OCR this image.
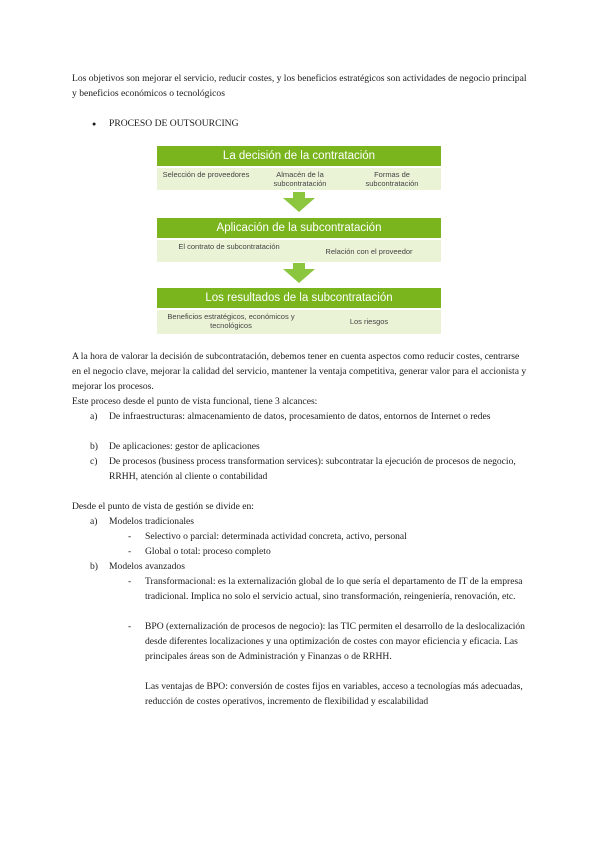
Los objetivos son mejorar el servicio, reducir costes, y los beneficios estratégicos son actividades de negocio principal y beneficios económicos o tecnológicos
● PROCESO DE OUTSOURCING
La decisión de la contratación
Selección de proveedores	Almacén de la subcontratación
Formas de subcontratación
Aplicación de la subcontratación
El contrato de subcontratación
Relación con el proveedor
Los resultados de la subcontratación
Beneficios estratégicos, económicos y tecnológicos	Los riesgos
A la hora de valorar la decisión de subcontratación, debemos tener en cuenta aspectos como reducir costes, centrarse en el negocio clave, mejorar la calidad del servicio, mantener la ventaja competitiva, generar valor para el accionista y mejorar los procesos.
Este proceso desde el punto de vista funcional, tiene 3 alcances:
a) De infraestructuras: almacenamiento de datos, procesamiento de datos, entornos de Internet o redes
b) De aplicaciones: gestor de aplicaciones
c) De procesos (business process transformation services): subcontratar la ejecución de procesos de negocio, RRHH, atención al cliente o contabilidad
Desde el punto de vista de gestión se divide en:
a) Modelos tradicionales
- Selectivo o parcial: determinada actividad concreta, activo, personal
- Global o total: proceso completo
b) Modelos avanzados
- Transformacional: es la externalización global de lo que sería el departamento de IT de la empresa tradicional. Implica no solo el servicio actual, sino transformación, reingeniería, renovación, etc.
- BPO (externalización de procesos de negocio): las TIC permiten el desarrollo de la deslocalización desde diferentes localizaciones y una optimización de costes con mayor eficiencia y eficacia. Las principales áreas son de Administración y Finanzas o de RRHH.
Las ventajas de BPO: conversión de costes fijos en variables, acceso a tecnologías más adecuadas, reducción de costes operativos, incremento de flexibilidad y escalabilidad
